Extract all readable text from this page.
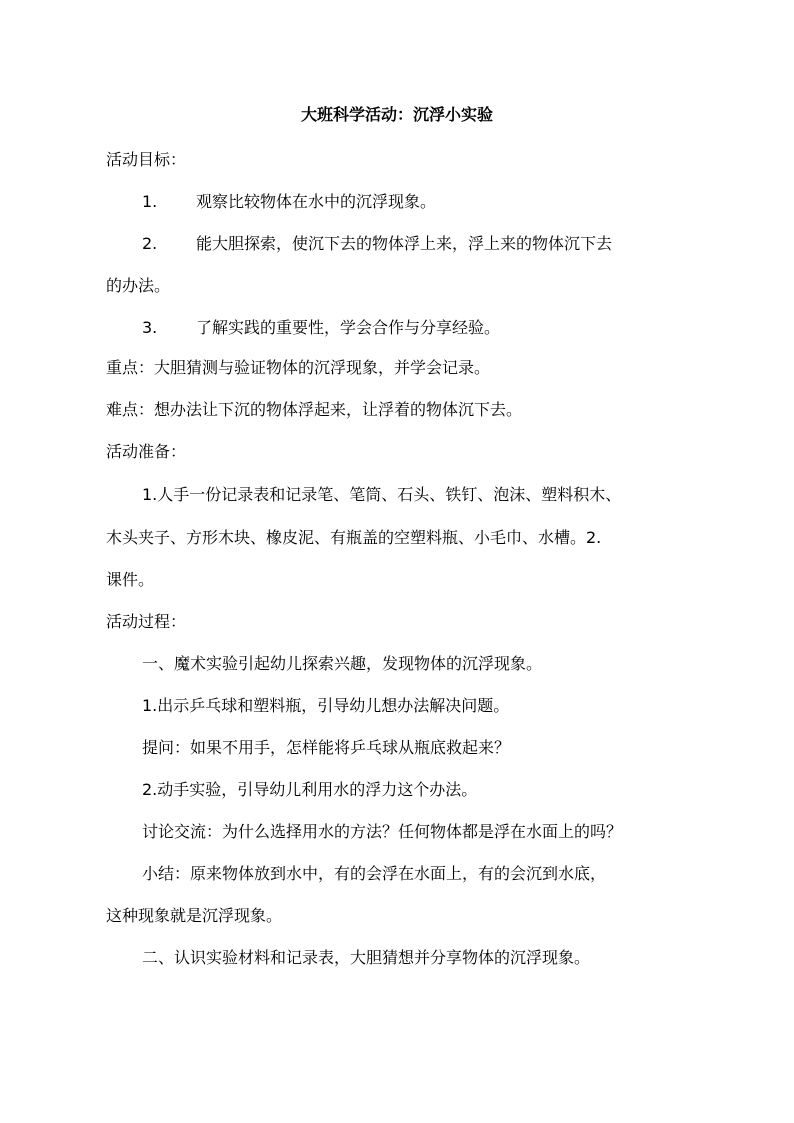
大班科学活动：沉浮小实验
活动目标：
1. 观察比较物体在水中的沉浮现象。
2. 能大胆探索，使沉下去的物体浮上来，浮上来的物体沉下去
的办法。
3. 了解实践的重要性，学会合作与分享经验。
重点：大胆猜测与验证物体的沉浮现象，并学会记录。
难点：想办法让下沉的物体浮起来，让浮着的物体沉下去。
活动准备：
1.人手一份记录表和记录笔、笔筒、石头、铁钉、泡沫、塑料积木、
木头夹子、方形木块、橡皮泥、有瓶盖的空塑料瓶、小毛巾、水槽。2.
课件。
活动过程：
一、魔术实验引起幼儿探索兴趣，发现物体的沉浮现象。
1.出示乒乓球和塑料瓶，引导幼儿想办法解决问题。
提问：如果不用手，怎样能将乒乓球从瓶底救起来？
2.动手实验，引导幼儿利用水的浮力这个办法。
讨论交流：为什么选择用水的方法？任何物体都是浮在水面上的吗？
小结：原来物体放到水中，有的会浮在水面上，有的会沉到水底，
这种现象就是沉浮现象。
二、认识实验材料和记录表，大胆猜想并分享物体的沉浮现象。
